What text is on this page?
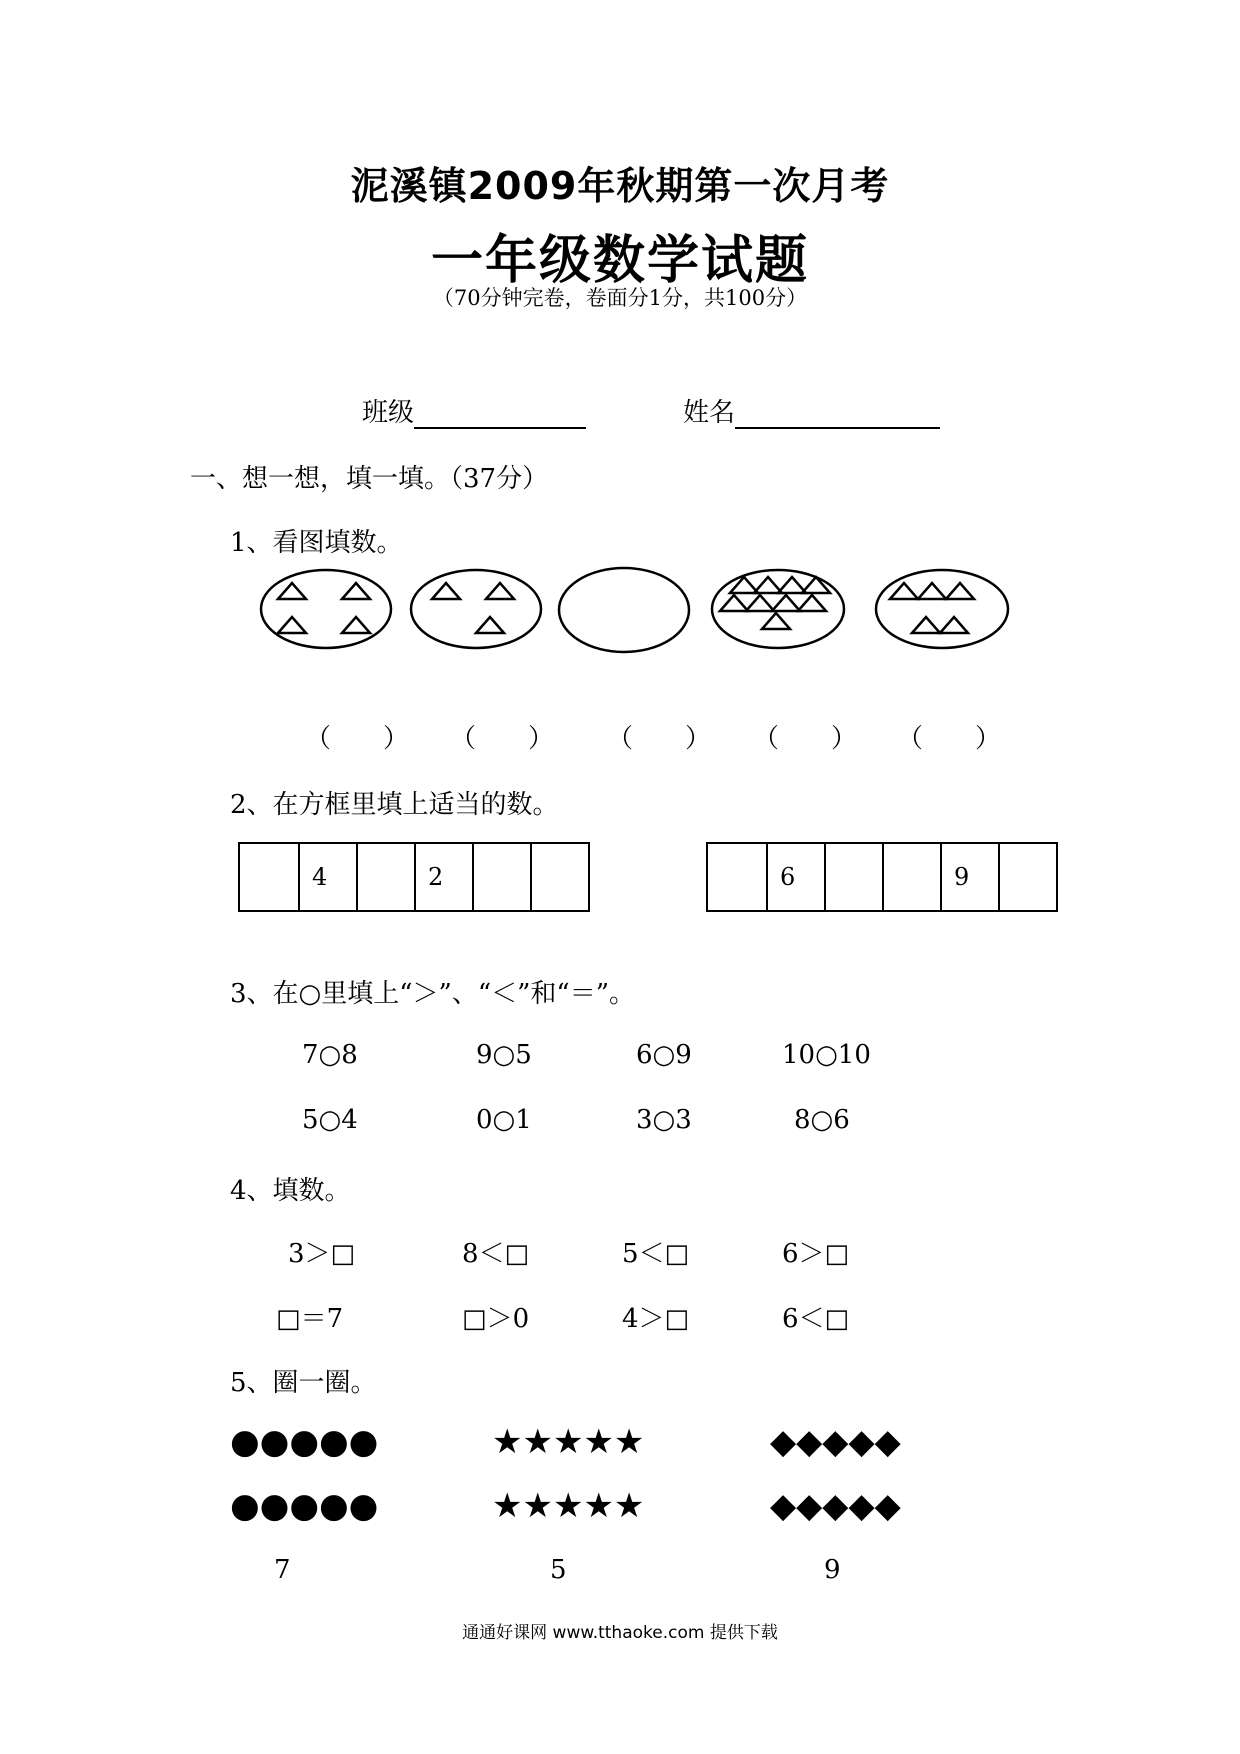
泥溪镇2009年秋期第一次月考
一年级数学试题
（70分钟完卷，卷面分1分，共100分）
班级	姓名
一、想一想，填一填。（37分）
1、看图填数。
（　　） （　　） （　　） （　　） （　　）
2、在方框里填上适当的数。
4	2	6	9
3、在○里填上“＞”、“＜”和“＝”。
7○8	9○5	6○9	10○10
5○4	0○1	3○3	8○6
4、填数。
3＞□	8＜□	5＜□	6＞□
□＝7	□＞0	4＞□	6＜□
5、圈一圈。
●●●●●	★★★★★	◆◆◆◆◆
●●●●●	★★★★★	◆◆◆◆◆
7	5	9
通通好课网 www.tthaoke.com 提供下载
